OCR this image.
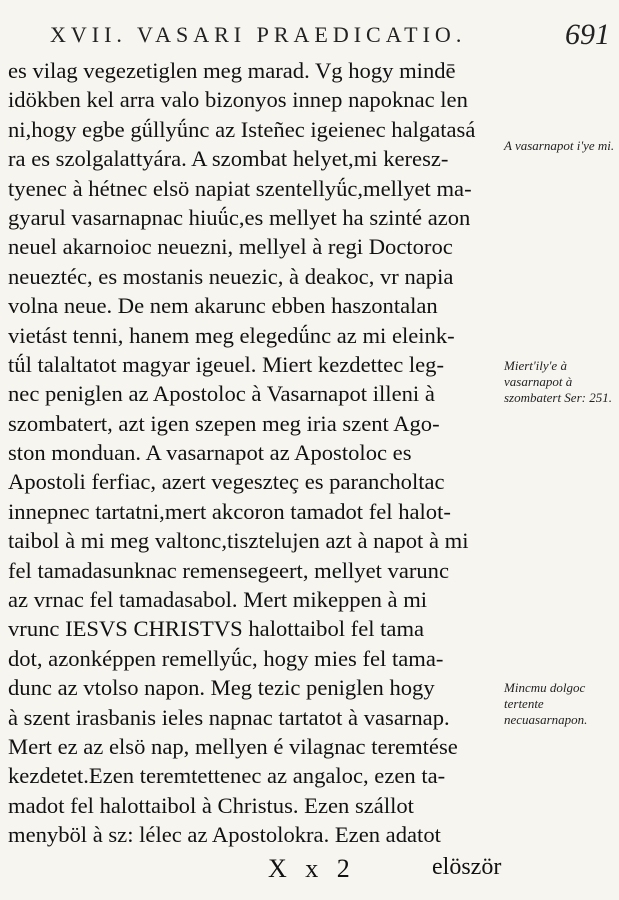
XVII. VASARI PRAEDICATIO.	691
es vilag vegezetiglen meg marad. Vg hogy mindē
idökben kel arra valo bizonyos innep napoknac len
ni,hogy egbe gǘllyǘnc az Isteñec igeienec halgatasá
ra es szolgalattyára. A szombat helyet,mi keresz-
tyenec à hétnec elsö napiat szentellyǘc,mellyet ma-
gyarul vasarnapnac hiuǘc,es mellyet ha szinté azon
neuel akarnoioc neuezni, mellyel à regi Doctoroc
neueztéc, es mostanis neuezic, à deakoc, vr napia
volna neue. De nem akarunc ebben haszontalan
vietást tenni, hanem meg elegedǘnc az mi eleink-
tǘl talaltatot magyar igeuel. Miert kezdettec leg-
nec peniglen az Apostoloc à Vasarnapot illeni à
szombatert, azt igen szepen meg iria szent Ago-
ston monduan. A vasarnapot az Apostoloc es
Apostoli ferfiac, azert vegeszteç es parancholtac
innepnec tartatni,mert akcoron tamadot fel halot-
taibol à mi meg valtonc,tisztelujen azt à napot à mi
fel tamadasunknac remensegeert, mellyet varunc
az vrnac fel tamadasabol. Mert mikeppen à mi
vrunc IESVS CHRISTVS halottaibol fel tama
dot, azonképpen remellyǘc, hogy mies fel tama-
dunc az vtolso napon. Meg tezic peniglen hogy
à szent irasbanis ieles napnac tartatot à vasarnap.
Mert ez az elsö nap, mellyen é vilagnac teremtése
kezdetet.Ezen teremtettenec az angaloc, ezen ta-
madot fel halottaibol à Christus. Ezen szállot
menyböl à sz: lélec az Apostolokra. Ezen adatot
A vasarnapot i'ye mi.
Miert'ily'e à vasarnapot à szombatert Ser: 251.
Mincmu dolgoc tertente necuasarnapon.
X x 2	elöször
